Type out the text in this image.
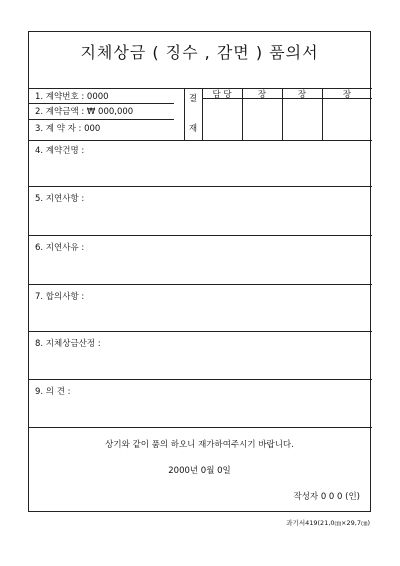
지체상금 ( 징수 , 감면 ) 품의서
1. 계약번호 : 0000
2. 계약금액 : ₩ 000,000
3. 계 약 자 : 000
결
재
담 당	장	장	장
4. 계약건명 :
5. 지연사항 :
6. 지연사유 :
7. 합의사항 :
8. 지체상금산정 :
9. 의 견 :
상기와 같이 품의 하오니 재가하여주시기 바랍니다.
2000년 0월 0일
작성자 0 0 0 (인)
과기서419(21,0㎝×29,7㎝)
